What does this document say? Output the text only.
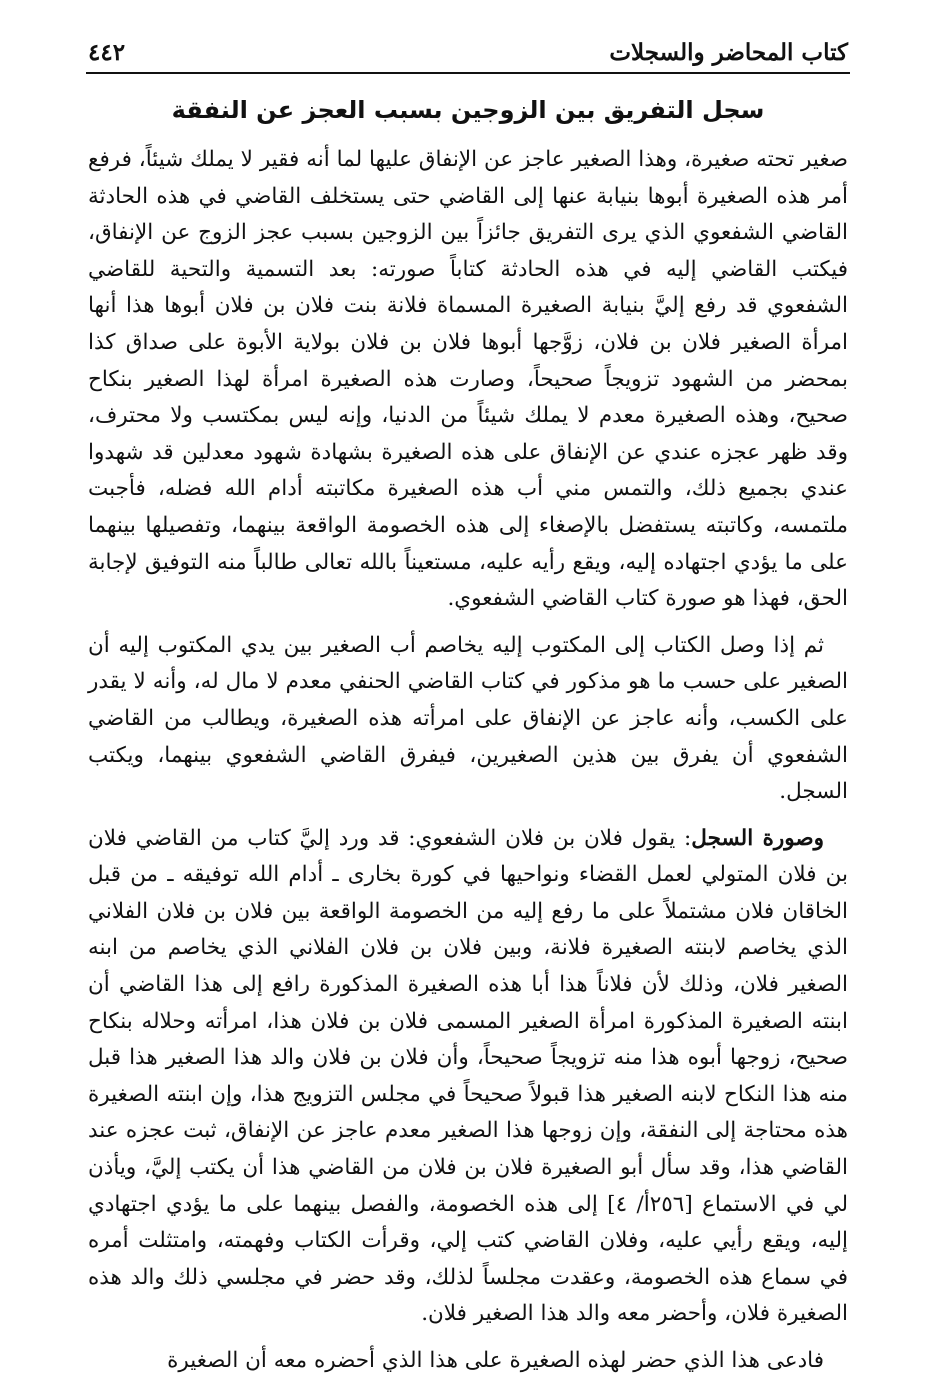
كتاب المحاضر والسجلات
٤٤٢
سجل التفريق بين الزوجين بسبب العجز عن النفقة

صغير تحته صغيرة، وهذا الصغير عاجز عن الإنفاق عليها لما أنه فقير لا يملك شيئاً، فرفع أمر هذه الصغيرة أبوها بنيابة عنها إلى القاضي حتى يستخلف القاضي في هذه الحادثة القاضي الشفعوي الذي يرى التفريق جائزاً بين الزوجين بسبب عجز الزوج عن الإنفاق، فيكتب القاضي إليه في هذه الحادثة كتاباً صورته: بعد التسمية والتحية للقاضي الشفعوي قد رفع إليَّ بنيابة الصغيرة المسماة فلانة بنت فلان بن فلان أبوها هذا أنها امرأة الصغير فلان بن فلان، زوَّجها أبوها فلان بن فلان بولاية الأبوة على صداق كذا بمحضر من الشهود تزويجاً صحيحاً، وصارت هذه الصغيرة امرأة لهذا الصغير بنكاح صحيح، وهذه الصغيرة معدم لا يملك شيئاً من الدنيا، وإنه ليس بمكتسب ولا محترف، وقد ظهر عجزه عندي عن الإنفاق على هذه الصغيرة بشهادة شهود معدلين قد شهدوا عندي بجميع ذلك، والتمس مني أب هذه الصغيرة مكاتبته أدام الله فضله، فأجبت ملتمسه، وكاتبته يستفضل بالإصغاء إلى هذه الخصومة الواقعة بينهما، وتفصيلها بينهما على ما يؤدي اجتهاده إليه، ويقع رأيه عليه، مستعيناً بالله تعالى طالباً منه التوفيق لإجابة الحق، فهذا هو صورة كتاب القاضي الشفعوي.

ثم إذا وصل الكتاب إلى المكتوب إليه يخاصم أب الصغير بين يدي المكتوب إليه أن الصغير على حسب ما هو مذكور في كتاب القاضي الحنفي معدم لا مال له، وأنه لا يقدر على الكسب، وأنه عاجز عن الإنفاق على امرأته هذه الصغيرة، ويطالب من القاضي الشفعوي أن يفرق بين هذين الصغيرين، فيفرق القاضي الشفعوي بينهما، ويكتب السجل.

وصورة السجل: يقول فلان بن فلان الشفعوي: قد ورد إليَّ كتاب من القاضي فلان بن فلان المتولي لعمل القضاء ونواحيها في كورة بخارى ـ أدام الله توفيقه ـ من قبل الخاقان فلان مشتملاً على ما رفع إليه من الخصومة الواقعة بين فلان بن فلان الفلاني الذي يخاصم لابنته الصغيرة فلانة، وبين فلان بن فلان الفلاني الذي يخاصم من ابنه الصغير فلان، وذلك لأن فلاناً هذا أبا هذه الصغيرة المذكورة رافع إلى هذا القاضي أن ابنته الصغيرة المذكورة امرأة الصغير المسمى فلان بن فلان هذا، امرأته وحلاله بنكاح صحيح، زوجها أبوه هذا منه تزويجاً صحيحاً، وأن فلان بن فلان والد هذا الصغير هذا قبل منه هذا النكاح لابنه الصغير هذا قبولاً صحيحاً في مجلس التزويج هذا، وإن ابنته الصغيرة هذه محتاجة إلى النفقة، وإن زوجها هذا الصغير معدم عاجز عن الإنفاق، ثبت عجزه عند القاضي هذا، وقد سأل أبو الصغيرة فلان بن فلان من القاضي هذا أن يكتب إليَّ، ويأذن لي في الاستماع [٢٥٦أ/ ٤] إلى هذه الخصومة، والفصل بينهما على ما يؤدي اجتهادي إليه، ويقع رأيي عليه، وفلان القاضي كتب إلي، وقرأت الكتاب وفهمته، وامتثلت أمره في سماع هذه الخصومة، وعقدت مجلساً لذلك، وقد حضر في مجلسي ذلك والد هذه الصغيرة فلان، وأحضر معه والد هذا الصغير فلان.

فادعى هذا الذي حضر لهذه الصغيرة على هذا الذي أحضره معه أن الصغيرة
